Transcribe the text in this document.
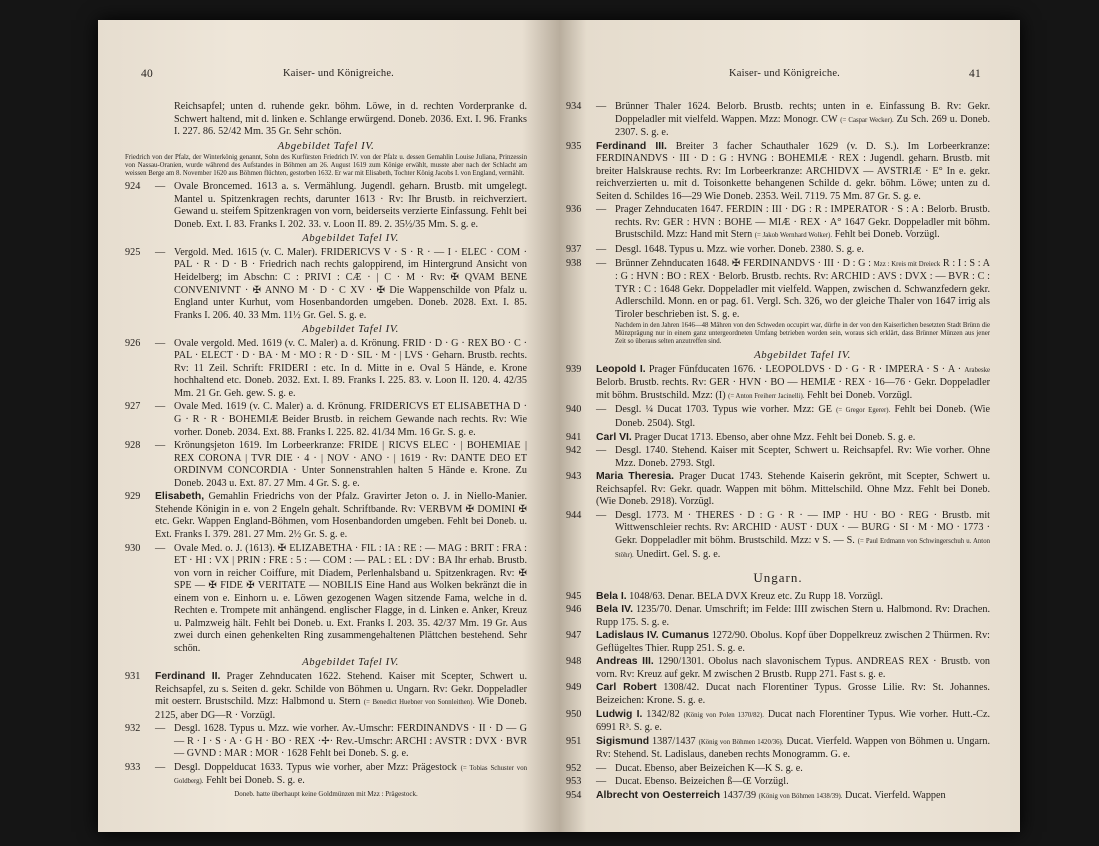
40	Kaiser- und Königreiche.
Reichsapfel; unten d. ruhende gekr. böhm. Löwe, in d. rechten Vorderpranke d. Schwert haltend, mit d. linken e. Schlange erwürgend. Doneb. 2036. Ext. I. 96. Franks I. 227. 86. 52/42 Mm. 35 Gr. Sehr schön.
Abgebildet Tafel IV.
Friedrich von der Pfalz, der Winterkönig genannt, Sohn des Kurfürsten Friedrich IV. von der Pfalz u. dessen Gemahlin Louise Juliana, Prinzessin von Nassau-Oranien, wurde während des Aufstandes in Böhmen am 26. August 1619 zum Könige erwählt, musste aber nach der Schlacht am weissen Berge am 8. November 1620 aus Böhmen flüchten, gestorben 1632. Er war mit Elisabeth, Tochter König Jacobs I. von England, vermählt.
924	— Ovale Broncemed. 1613 a. s. Vermählung. Jugendl. geharn. Brustb. mit umgelegt. Mantel u. Spitzenkragen rechts, darunter 1613 · Rv: Ihr Brustb. in reichverziert. Gewand u. steifem Spitzenkragen von vorn, beiderseits verzierte Einfassung. Fehlt bei Doneb. Ext. I. 83. Franks I. 202. 33. v. Loon II. 89. 2. 35½/35 Mm. S. g. e.
Abgebildet Tafel IV.
925	— Vergold. Med. 1615 (v. C. Maler). FRIDERICVS V · S · R · — I · ELEC · COM · PAL · R · D · B · Friedrich nach rechts galoppirend, im Hintergrund Ansicht von Heidelberg; im Abschn: C : PRIVI : CÆ · | C · M · Rv: ✠ QVAM BENE CONVENIVNT · ✠ ANNO M · D · C XV · ✠ Die Wappenschilde von Pfalz u. England unter Kurhut, vom Hosenbandorden umgeben. Doneb. 2028. Ext. I. 85. Franks I. 206. 40. 33 Mm. 11½ Gr. Gel. S. g. e.
Abgebildet Tafel IV.
926	— Ovale vergold. Med. 1619 (v. C. Maler) a. d. Krönung. FRID · D · G · REX BO · C · PAL · ELECT · D · BA · M · MO : R · D · SIL · M · | LVS · Geharn. Brustb. rechts. Rv: 11 Zeil. Schrift: FRIDERI : etc. In d. Mitte in e. Oval 5 Hände, e. Krone hochhaltend etc. Doneb. 2032. Ext. I. 89. Franks I. 225. 83. v. Loon II. 120. 4. 42/35 Mm. 21 Gr. Geh. gew. S. g. e.
927	— Ovale Med. 1619 (v. C. Maler) a. d. Krönung. FRIDERICVS ET ELISABETHA D · G · R · R · BOHEMIÆ Beider Brustb. in reichem Gewande nach rechts. Rv: Wie vorher. Doneb. 2034. Ext. 88. Franks I. 225. 82. 41/34 Mm. 16 Gr. S. g. e.
928	— Krönungsjeton 1619. Im Lorbeerkranze: FRIDE | RICVS ELEC · | BOHEMIAE | REX CORONA | TVR DIE · 4 · | NOV · ANO · | 1619 · Rv: DANTE DEO ET ORDINVM CONCORDIA · Unter Sonnenstrahlen halten 5 Hände e. Krone. Zu Doneb. 2043 u. Ext. 87. 27 Mm. 4 Gr. S. g. e.
929	Elisabeth, Gemahlin Friedrichs von der Pfalz. Gravirter Jeton o. J. in Niello-Manier. Stehende Königin in e. von 2 Engeln gehalt. Schriftbande. Rv: VERBVM ✠ DOMINI ✠ etc. Gekr. Wappen England-Böhmen, vom Hosenbandorden umgeben. Fehlt bei Doneb. u. Ext. Franks I. 379. 281. 27 Mm. 2½ Gr. S. g. e.
930	— Ovale Med. o. J. (1613). ✠ ELIZABETHA · FIL : IA : RE : — MAG : BRIT : FRA : ET · HI : VX | PRIN : FRE : 5 : — COM : — PAL : EL : DV : BA Ihr erhab. Brustb. von vorn in reicher Coiffure, mit Diadem, Perlenhalsband u. Spitzenkragen. Rv: ✠ SPE — ✠ FIDE ✠ VERITATE — NOBILIS Eine Hand aus Wolken bekränzt die in einem von e. Einhorn u. e. Löwen gezogenen Wagen sitzende Fama, welche in d. Rechten e. Trompete mit anhängend. englischer Flagge, in d. Linken e. Anker, Kreuz u. Palmzweig hält. Fehlt bei Doneb. u. Ext. Franks I. 203. 35. 42/37 Mm. 19 Gr. Aus zwei durch einen gehenkelten Ring zusammengehaltenen Plättchen bestehend. Sehr schön.
Abgebildet Tafel IV.
931	Ferdinand II. Prager Zehnducaten 1622. Stehend. Kaiser mit Scepter, Schwert u. Reichsapfel, zu s. Seiten d. gekr. Schilde von Böhmen u. Ungarn. Rv: Gekr. Doppeladler mit oesterr. Brustschild. Mzz: Halbmond u. Stern (= Benedict Huebner von Sonnleithen). Wie Doneb. 2125, aber DG—R · Vorzügl.
932	— Desgl. 1628. Typus u. Mzz. wie vorher. Av.-Umschr: FERDINANDVS · II · D — G — R · I · S · A · G H · BO · REX ·✢· Rev.-Umschr: ARCHI : AVSTR : DVX · BVR — GVND : MAR : MOR · 1628 Fehlt bei Doneb. S. g. e.
933	— Desgl. Doppelducat 1633. Typus wie vorher, aber Mzz: Prägestock (= Tobias Schuster von Goldberg). Fehlt bei Doneb. S. g. e.
Doneb. hatte überhaupt keine Goldmünzen mit Mzz : Prägestock.
Kaiser- und Königreiche.	41
934	— Brünner Thaler 1624. Belorb. Brustb. rechts; unten in e. Einfassung B. Rv: Gekr. Doppeladler mit vielfeld. Wappen. Mzz: Monogr. CW (= Caspar Wecker). Zu Sch. 269 u. Doneb. 2307. S. g. e.
935	Ferdinand III. Breiter 3 facher Schauthaler 1629 (v. D. S.). Im Lorbeerkranze: FERDINANDVS · III · D : G : HVNG : BOHEMIÆ · REX : Jugendl. geharn. Brustb. mit breiter Halskrause rechts. Rv: Im Lorbeerkranze: ARCHIDVX — AVSTRIÆ · E° In e. gekr. reichverzierten u. mit d. Toisonkette behangenen Schilde d. gekr. böhm. Löwe; unten zu d. Seiten d. Schildes 16—29 Wie Doneb. 2353. Weil. 7119. 75 Mm. 87 Gr. S. g. e.
936	— Prager Zehnducaten 1647. FERDIN : III · DG : R : IMPERATOR · S : A : Belorb. Brustb. rechts. Rv: GER : HVN : BOHE — MIÆ · REX · A° 1647 Gekr. Doppeladler mit böhm. Brustschild. Mzz: Hand mit Stern (= Jakob Wernhard Wolker). Fehlt bei Doneb. Vorzügl.
937	— Desgl. 1648. Typus u. Mzz. wie vorher. Doneb. 2380. S. g. e.
938	— Brünner Zehnducaten 1648. ✠ FERDINANDVS · III · D : G : Mzz : Kreis mit Dreieck R : I : S : A : G : HVN : BO : REX · Belorb. Brustb. rechts. Rv: ARCHID : AVS : DVX : — BVR : C : TYR : C : 1648 Gekr. Doppeladler mit vielfeld. Wappen, zwischen d. Schwanzfedern gekr. Adlerschild. Monn. en or pag. 61. Vergl. Sch. 326, wo der gleiche Thaler von 1647 irrig als Tiroler beschrieben ist. S. g. e.
Nachdem in den Jahren 1646—48 Mähren von den Schweden occupirt war, dürfte in der von den Kaiserlichen besetzten Stadt Brünn die Münzprägung nur in einem ganz untergeordneten Umfang betrieben worden sein, woraus sich erklärt, dass Brünner Münzen aus jener Zeit so überaus selten anzutreffen sind.
Abgebildet Tafel IV.
939	Leopold I. Prager Fünfducaten 1676. · LEOPOLDVS · D · G · R · IMPERA · S · A · Arabeske Belorb. Brustb. rechts. Rv: GER · HVN · BO — HEMIÆ · REX · 16—76 · Gekr. Doppeladler mit böhm. Brustschild. Mzz: (I) (= Anton Freiherr Jacinelli). Fehlt bei Doneb. Vorzügl.
940	— Desgl. ¼ Ducat 1703. Typus wie vorher. Mzz: GE (= Gregor Egerer). Fehlt bei Doneb. (Wie Doneb. 2504). Stgl.
941	Carl VI. Prager Ducat 1713. Ebenso, aber ohne Mzz. Fehlt bei Doneb. S. g. e.
942	— Desgl. 1740. Stehend. Kaiser mit Scepter, Schwert u. Reichsapfel. Rv: Wie vorher. Ohne Mzz. Doneb. 2793. Stgl.
943	Maria Theresia. Prager Ducat 1743. Stehende Kaiserin gekrönt, mit Scepter, Schwert u. Reichsapfel. Rv: Gekr. quadr. Wappen mit böhm. Mittelschild. Ohne Mzz. Fehlt bei Doneb. (Wie Doneb. 2918). Vorzügl.
944	— Desgl. 1773. M · THERES · D : G · R · — IMP · HU · BO · REG · Brustb. mit Wittwenschleier rechts. Rv: ARCHID · AUST · DUX · — BURG · SI · M · MO · 1773 · Gekr. Doppeladler mit böhm. Brustschild. Mzz: v S. — S. (= Paul Erdmann von Schwingerschuh u. Anton Stöhr). Unedirt. Gel. S. g. e.
Ungarn.
945	Bela I. 1048/63. Denar. BELA DVX Kreuz etc. Zu Rupp 18. Vorzügl.
946	Bela IV. 1235/70. Denar. Umschrift; im Felde: IIII zwischen Stern u. Halbmond. Rv: Drachen. Rupp 175. S. g. e.
947	Ladislaus IV. Cumanus 1272/90. Obolus. Kopf über Doppelkreuz zwischen 2 Thürmen. Rv: Geflügeltes Thier. Rupp 251. S. g. e.
948	Andreas III. 1290/1301. Obolus nach slavonischem Typus. ANDREAS REX · Brustb. von vorn. Rv: Kreuz auf gekr. M zwischen 2 Brustb. Rupp 271. Fast s. g. e.
949	Carl Robert 1308/42. Ducat nach Florentiner Typus. Grosse Lilie. Rv: St. Johannes. Beizeichen: Krone. S. g. e.
950	Ludwig I. 1342/82 (König von Polen 1370/82). Ducat nach Florentiner Typus. Wie vorher. Hutt.-Cz. 6991 R³. S. g. e.
951	Sigismund 1387/1437 (König von Böhmen 1420/36). Ducat. Vierfeld. Wappen von Böhmen u. Ungarn. Rv: Stehend. St. Ladislaus, daneben rechts Monogramm. G. e.
952	— Ducat. Ebenso, aber Beizeichen K—K S. g. e.
953	— Ducat. Ebenso. Beizeichen ß—Œ Vorzügl.
954	Albrecht von Oesterreich 1437/39 (König von Böhmen 1438/39). Ducat. Vierfeld. Wappen
